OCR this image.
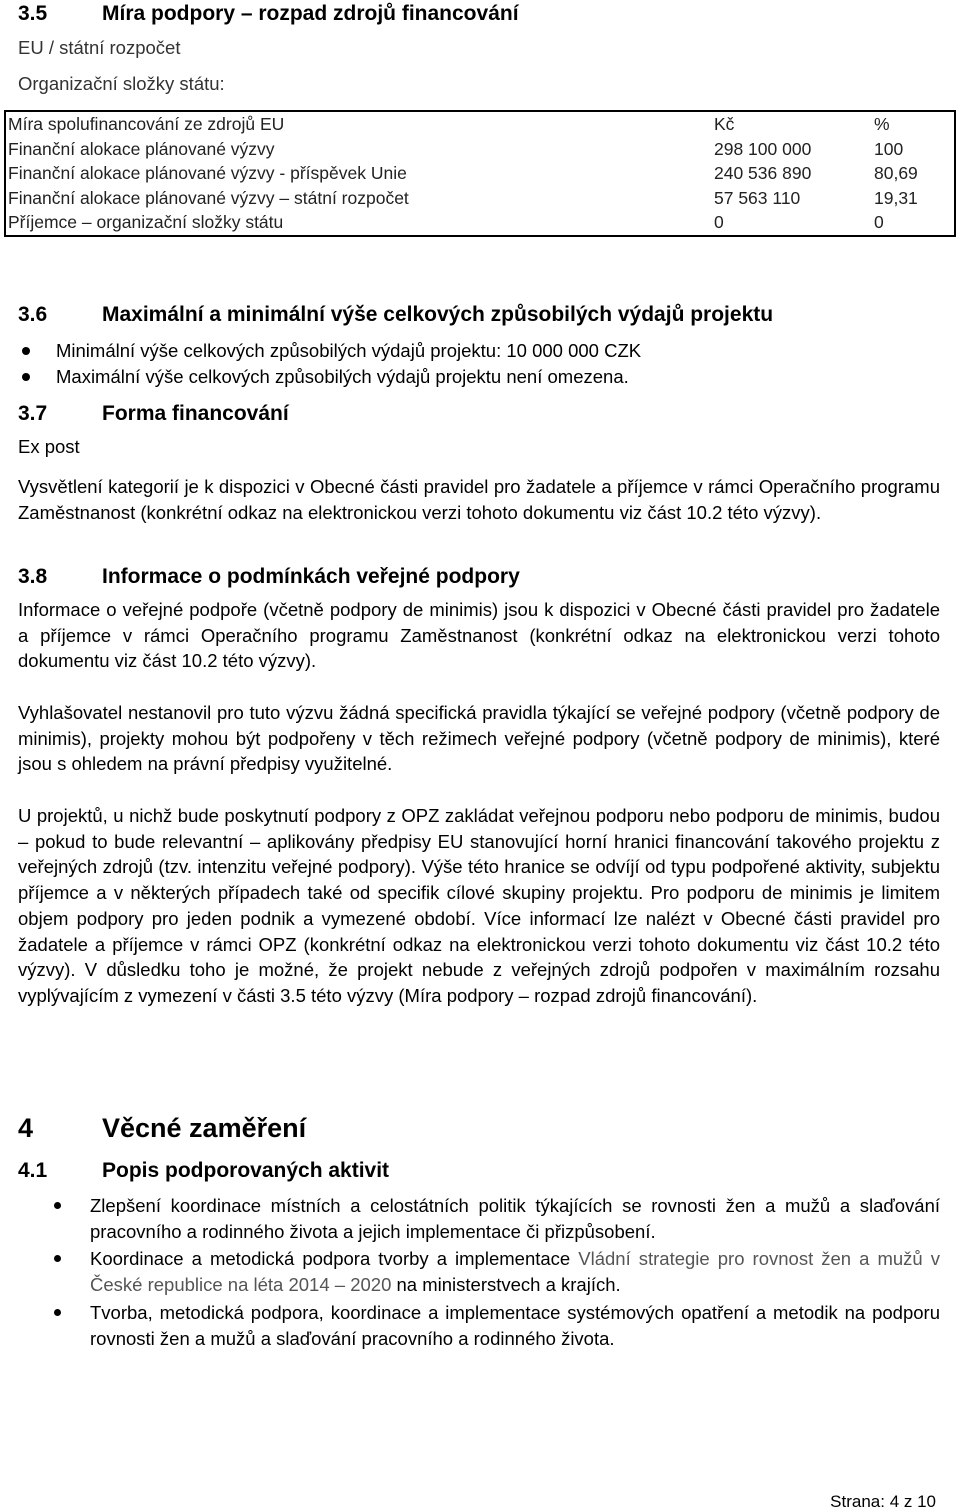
3.5	Míra podpory – rozpad zdrojů financování
EU / státní rozpočet
Organizační složky státu:
Míra spolufinancování ze zdrojů EU	Kč	%
Finanční alokace plánované výzvy	298 100 000	100
Finanční alokace plánované výzvy - příspěvek Unie	240 536 890	80,69
Finanční alokace plánované výzvy – státní rozpočet	57 563 110	19,31
Příjemce – organizační složky státu	0	0
3.6	Maximální a minimální výše celkových způsobilých výdajů projektu
Minimální výše celkových způsobilých výdajů projektu: 10 000 000 CZK
Maximální výše celkových způsobilých výdajů projektu není omezena.
3.7	Forma financování
Ex post
Vysvětlení kategorií je k dispozici v Obecné části pravidel pro žadatele a příjemce v rámci Operačního programu Zaměstnanost (konkrétní odkaz na elektronickou verzi tohoto dokumentu viz část 10.2 této výzvy).
3.8	Informace o podmínkách veřejné podpory
Informace o veřejné podpoře (včetně podpory de minimis) jsou k dispozici v Obecné části pravidel pro žadatele a příjemce v rámci Operačního programu Zaměstnanost (konkrétní odkaz na elektronickou verzi tohoto dokumentu viz část 10.2 této výzvy).
Vyhlašovatel nestanovil pro tuto výzvu žádná specifická pravidla týkající se veřejné podpory (včetně podpory de minimis), projekty mohou být podpořeny v těch režimech veřejné podpory (včetně podpory de minimis), které jsou s ohledem na právní předpisy využitelné.
U projektů, u nichž bude poskytnutí podpory z OPZ zakládat veřejnou podporu nebo podporu de minimis, budou – pokud to bude relevantní – aplikovány předpisy EU stanovující horní hranici financování takového projektu z veřejných zdrojů (tzv. intenzitu veřejné podpory). Výše této hranice se odvíjí od typu podpořené aktivity, subjektu příjemce a v některých případech také od specifik cílové skupiny projektu. Pro podporu de minimis je limitem objem podpory pro jeden podnik a vymezené období. Více informací lze nalézt v Obecné části pravidel pro žadatele a příjemce v rámci OPZ (konkrétní odkaz na elektronickou verzi tohoto dokumentu viz část 10.2 této výzvy). V důsledku toho je možné, že projekt nebude z veřejných zdrojů podpořen v maximálním rozsahu vyplývajícím z vymezení v části 3.5 této výzvy (Míra podpory – rozpad zdrojů financování).
4	Věcné zaměření
4.1	Popis podporovaných aktivit
Zlepšení koordinace místních a celostátních politik týkajících se rovnosti žen a mužů a slaďování pracovního a rodinného života a jejich implementace či přizpůsobení.
Koordinace a metodická podpora tvorby a implementace Vládní strategie pro rovnost žen a mužů v České republice na léta 2014 – 2020 na ministerstvech a krajích.
Tvorba, metodická podpora, koordinace a implementace systémových opatření a metodik na podporu rovnosti žen a mužů a slaďování pracovního a rodinného života.
Strana: 4 z 10
